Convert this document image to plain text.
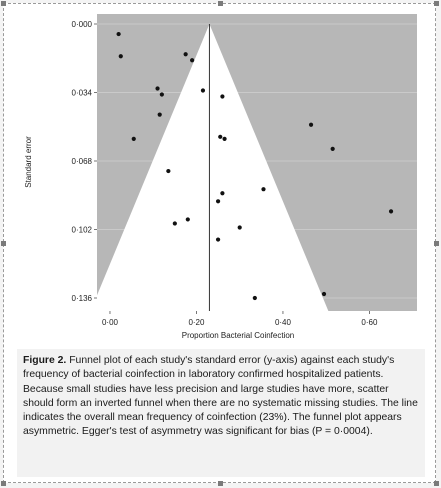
0·000
0·034
0·068
0·102
0·136
0·00	0·20	0·40	0·60
Proportion Bacterial Coinfection
Standard error
Figure 2. Funnel plot of each study's standard error (y-axis) against each study's frequency of bacterial coinfection in laboratory confirmed hospitalized patients. Because small studies have less precision and large studies have more, scatter should form an inverted funnel when there are no systematic missing studies. The line indicates the overall mean frequency of coinfection (23%). The funnel plot appears asymmetric. Egger's test of asymmetry was significant for bias (P = 0·0004).
